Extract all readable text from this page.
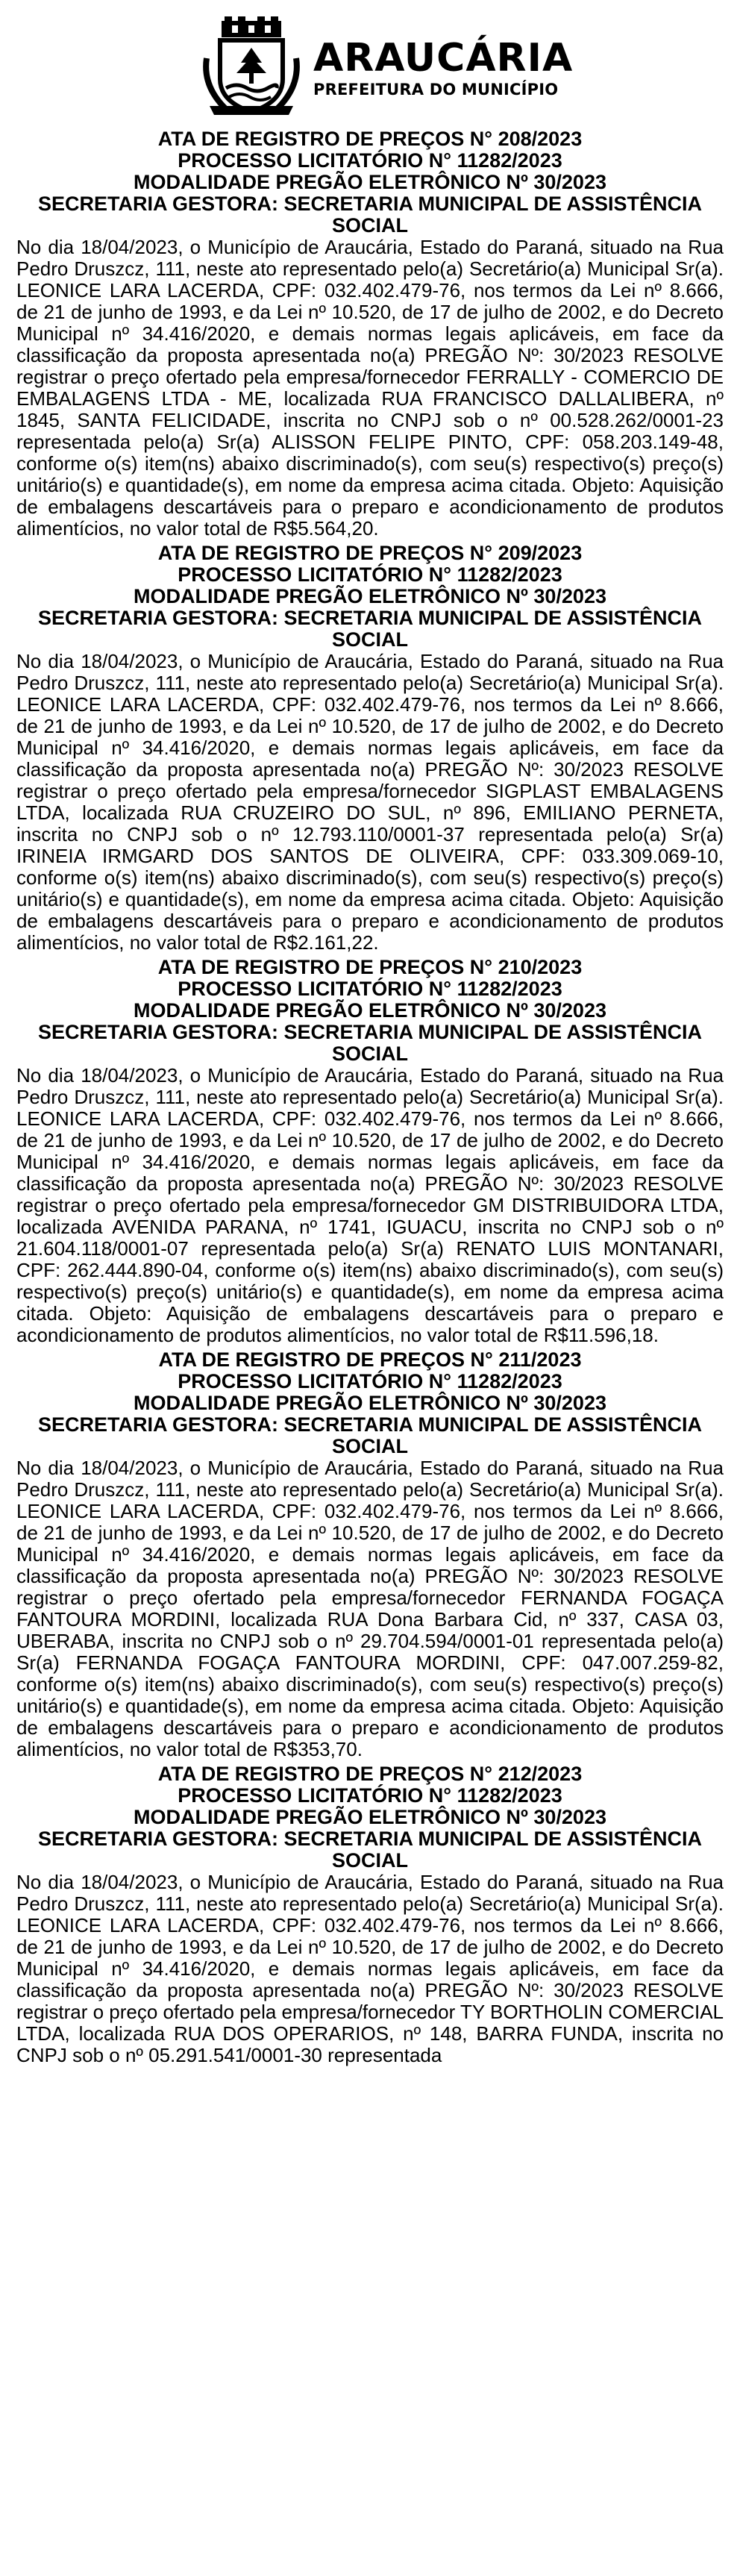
ARAUCÁRIA
PREFEITURA DO MUNICÍPIO
ATA DE REGISTRO DE PREÇOS N° 208/2023
PROCESSO LICITATÓRIO N° 11282/2023
MODALIDADE PREGÃO ELETRÔNICO Nº 30/2023
SECRETARIA GESTORA: SECRETARIA MUNICIPAL DE ASSISTÊNCIA SOCIAL

No dia 18/04/2023, o Município de Araucária, Estado do Paraná, situado na Rua Pedro Druszcz, 111, neste ato representado pelo(a) Secretário(a) Municipal Sr(a). LEONICE LARA LACERDA, CPF: 032.402.479-76, nos termos da Lei nº 8.666, de 21 de junho de 1993, e da Lei nº 10.520, de 17 de julho de 2002, e do Decreto Municipal nº 34.416/2020, e demais normas legais aplicáveis, em face da classificação da proposta apresentada no(a) PREGÃO Nº: 30/2023 RESOLVE registrar o preço ofertado pela empresa/fornecedor FERRALLY - COMERCIO DE EMBALAGENS LTDA - ME, localizada RUA FRANCISCO DALLALIBERA, nº 1845, SANTA FELICIDADE, inscrita no CNPJ sob o nº 00.528.262/0001-23 representada pelo(a) Sr(a) ALISSON FELIPE PINTO, CPF: 058.203.149-48, conforme o(s) item(ns) abaixo discriminado(s), com seu(s) respectivo(s) preço(s) unitário(s) e quantidade(s), em nome da empresa acima citada. Objeto: Aquisição de embalagens descartáveis para o preparo e acondicionamento de produtos alimentícios, no valor total de R$5.564,20.

ATA DE REGISTRO DE PREÇOS N° 209/2023
PROCESSO LICITATÓRIO N° 11282/2023
MODALIDADE PREGÃO ELETRÔNICO Nº 30/2023
SECRETARIA GESTORA: SECRETARIA MUNICIPAL DE ASSISTÊNCIA SOCIAL

No dia 18/04/2023, o Município de Araucária, Estado do Paraná, situado na Rua Pedro Druszcz, 111, neste ato representado pelo(a) Secretário(a) Municipal Sr(a). LEONICE LARA LACERDA, CPF: 032.402.479-76, nos termos da Lei nº 8.666, de 21 de junho de 1993, e da Lei nº 10.520, de 17 de julho de 2002, e do Decreto Municipal nº 34.416/2020, e demais normas legais aplicáveis, em face da classificação da proposta apresentada no(a) PREGÃO Nº: 30/2023 RESOLVE registrar o preço ofertado pela empresa/fornecedor SIGPLAST EMBALAGENS LTDA, localizada RUA CRUZEIRO DO SUL, nº 896, EMILIANO PERNETA, inscrita no CNPJ sob o nº 12.793.110/0001-37 representada pelo(a) Sr(a) IRINEIA IRMGARD DOS SANTOS DE OLIVEIRA, CPF: 033.309.069-10, conforme o(s) item(ns) abaixo discriminado(s), com seu(s) respectivo(s) preço(s) unitário(s) e quantidade(s), em nome da empresa acima citada. Objeto: Aquisição de embalagens descartáveis para o preparo e acondicionamento de produtos alimentícios, no valor total de R$2.161,22.

ATA DE REGISTRO DE PREÇOS N° 210/2023
PROCESSO LICITATÓRIO N° 11282/2023
MODALIDADE PREGÃO ELETRÔNICO Nº 30/2023
SECRETARIA GESTORA: SECRETARIA MUNICIPAL DE ASSISTÊNCIA SOCIAL

No dia 18/04/2023, o Município de Araucária, Estado do Paraná, situado na Rua Pedro Druszcz, 111, neste ato representado pelo(a) Secretário(a) Municipal Sr(a). LEONICE LARA LACERDA, CPF: 032.402.479-76, nos termos da Lei nº 8.666, de 21 de junho de 1993, e da Lei nº 10.520, de 17 de julho de 2002, e do Decreto Municipal nº 34.416/2020, e demais normas legais aplicáveis, em face da classificação da proposta apresentada no(a) PREGÃO Nº: 30/2023 RESOLVE registrar o preço ofertado pela empresa/fornecedor GM DISTRIBUIDORA LTDA, localizada AVENIDA PARANA, nº 1741, IGUACU, inscrita no CNPJ sob o nº 21.604.118/0001-07 representada pelo(a) Sr(a) RENATO LUIS MONTANARI, CPF: 262.444.890-04, conforme o(s) item(ns) abaixo discriminado(s), com seu(s) respectivo(s) preço(s) unitário(s) e quantidade(s), em nome da empresa acima citada. Objeto: Aquisição de embalagens descartáveis para o preparo e acondicionamento de produtos alimentícios, no valor total de R$11.596,18.

ATA DE REGISTRO DE PREÇOS N° 211/2023
PROCESSO LICITATÓRIO N° 11282/2023
MODALIDADE PREGÃO ELETRÔNICO Nº 30/2023
SECRETARIA GESTORA: SECRETARIA MUNICIPAL DE ASSISTÊNCIA SOCIAL

No dia 18/04/2023, o Município de Araucária, Estado do Paraná, situado na Rua Pedro Druszcz, 111, neste ato representado pelo(a) Secretário(a) Municipal Sr(a). LEONICE LARA LACERDA, CPF: 032.402.479-76, nos termos da Lei nº 8.666, de 21 de junho de 1993, e da Lei nº 10.520, de 17 de julho de 2002, e do Decreto Municipal nº 34.416/2020, e demais normas legais aplicáveis, em face da classificação da proposta apresentada no(a) PREGÃO Nº: 30/2023 RESOLVE registrar o preço ofertado pela empresa/fornecedor FERNANDA FOGAÇA FANTOURA MORDINI, localizada RUA Dona Barbara Cid, nº 337, CASA 03, UBERABA, inscrita no CNPJ sob o nº 29.704.594/0001-01 representada pelo(a) Sr(a) FERNANDA FOGAÇA FANTOURA MORDINI, CPF: 047.007.259-82, conforme o(s) item(ns) abaixo discriminado(s), com seu(s) respectivo(s) preço(s) unitário(s) e quantidade(s), em nome da empresa acima citada. Objeto: Aquisição de embalagens descartáveis para o preparo e acondicionamento de produtos alimentícios, no valor total de R$353,70.

ATA DE REGISTRO DE PREÇOS N° 212/2023
PROCESSO LICITATÓRIO N° 11282/2023
MODALIDADE PREGÃO ELETRÔNICO Nº 30/2023
SECRETARIA GESTORA: SECRETARIA MUNICIPAL DE ASSISTÊNCIA SOCIAL

No dia 18/04/2023, o Município de Araucária, Estado do Paraná, situado na Rua Pedro Druszcz, 111, neste ato representado pelo(a) Secretário(a) Municipal Sr(a). LEONICE LARA LACERDA, CPF: 032.402.479-76, nos termos da Lei nº 8.666, de 21 de junho de 1993, e da Lei nº 10.520, de 17 de julho de 2002, e do Decreto Municipal nº 34.416/2020, e demais normas legais aplicáveis, em face da classificação da proposta apresentada no(a) PREGÃO Nº: 30/2023 RESOLVE registrar o preço ofertado pela empresa/fornecedor TY BORTHOLIN COMERCIAL LTDA, localizada RUA DOS OPERARIOS, nº 148, BARRA FUNDA, inscrita no CNPJ sob o nº 05.291.541/0001-30 representada
